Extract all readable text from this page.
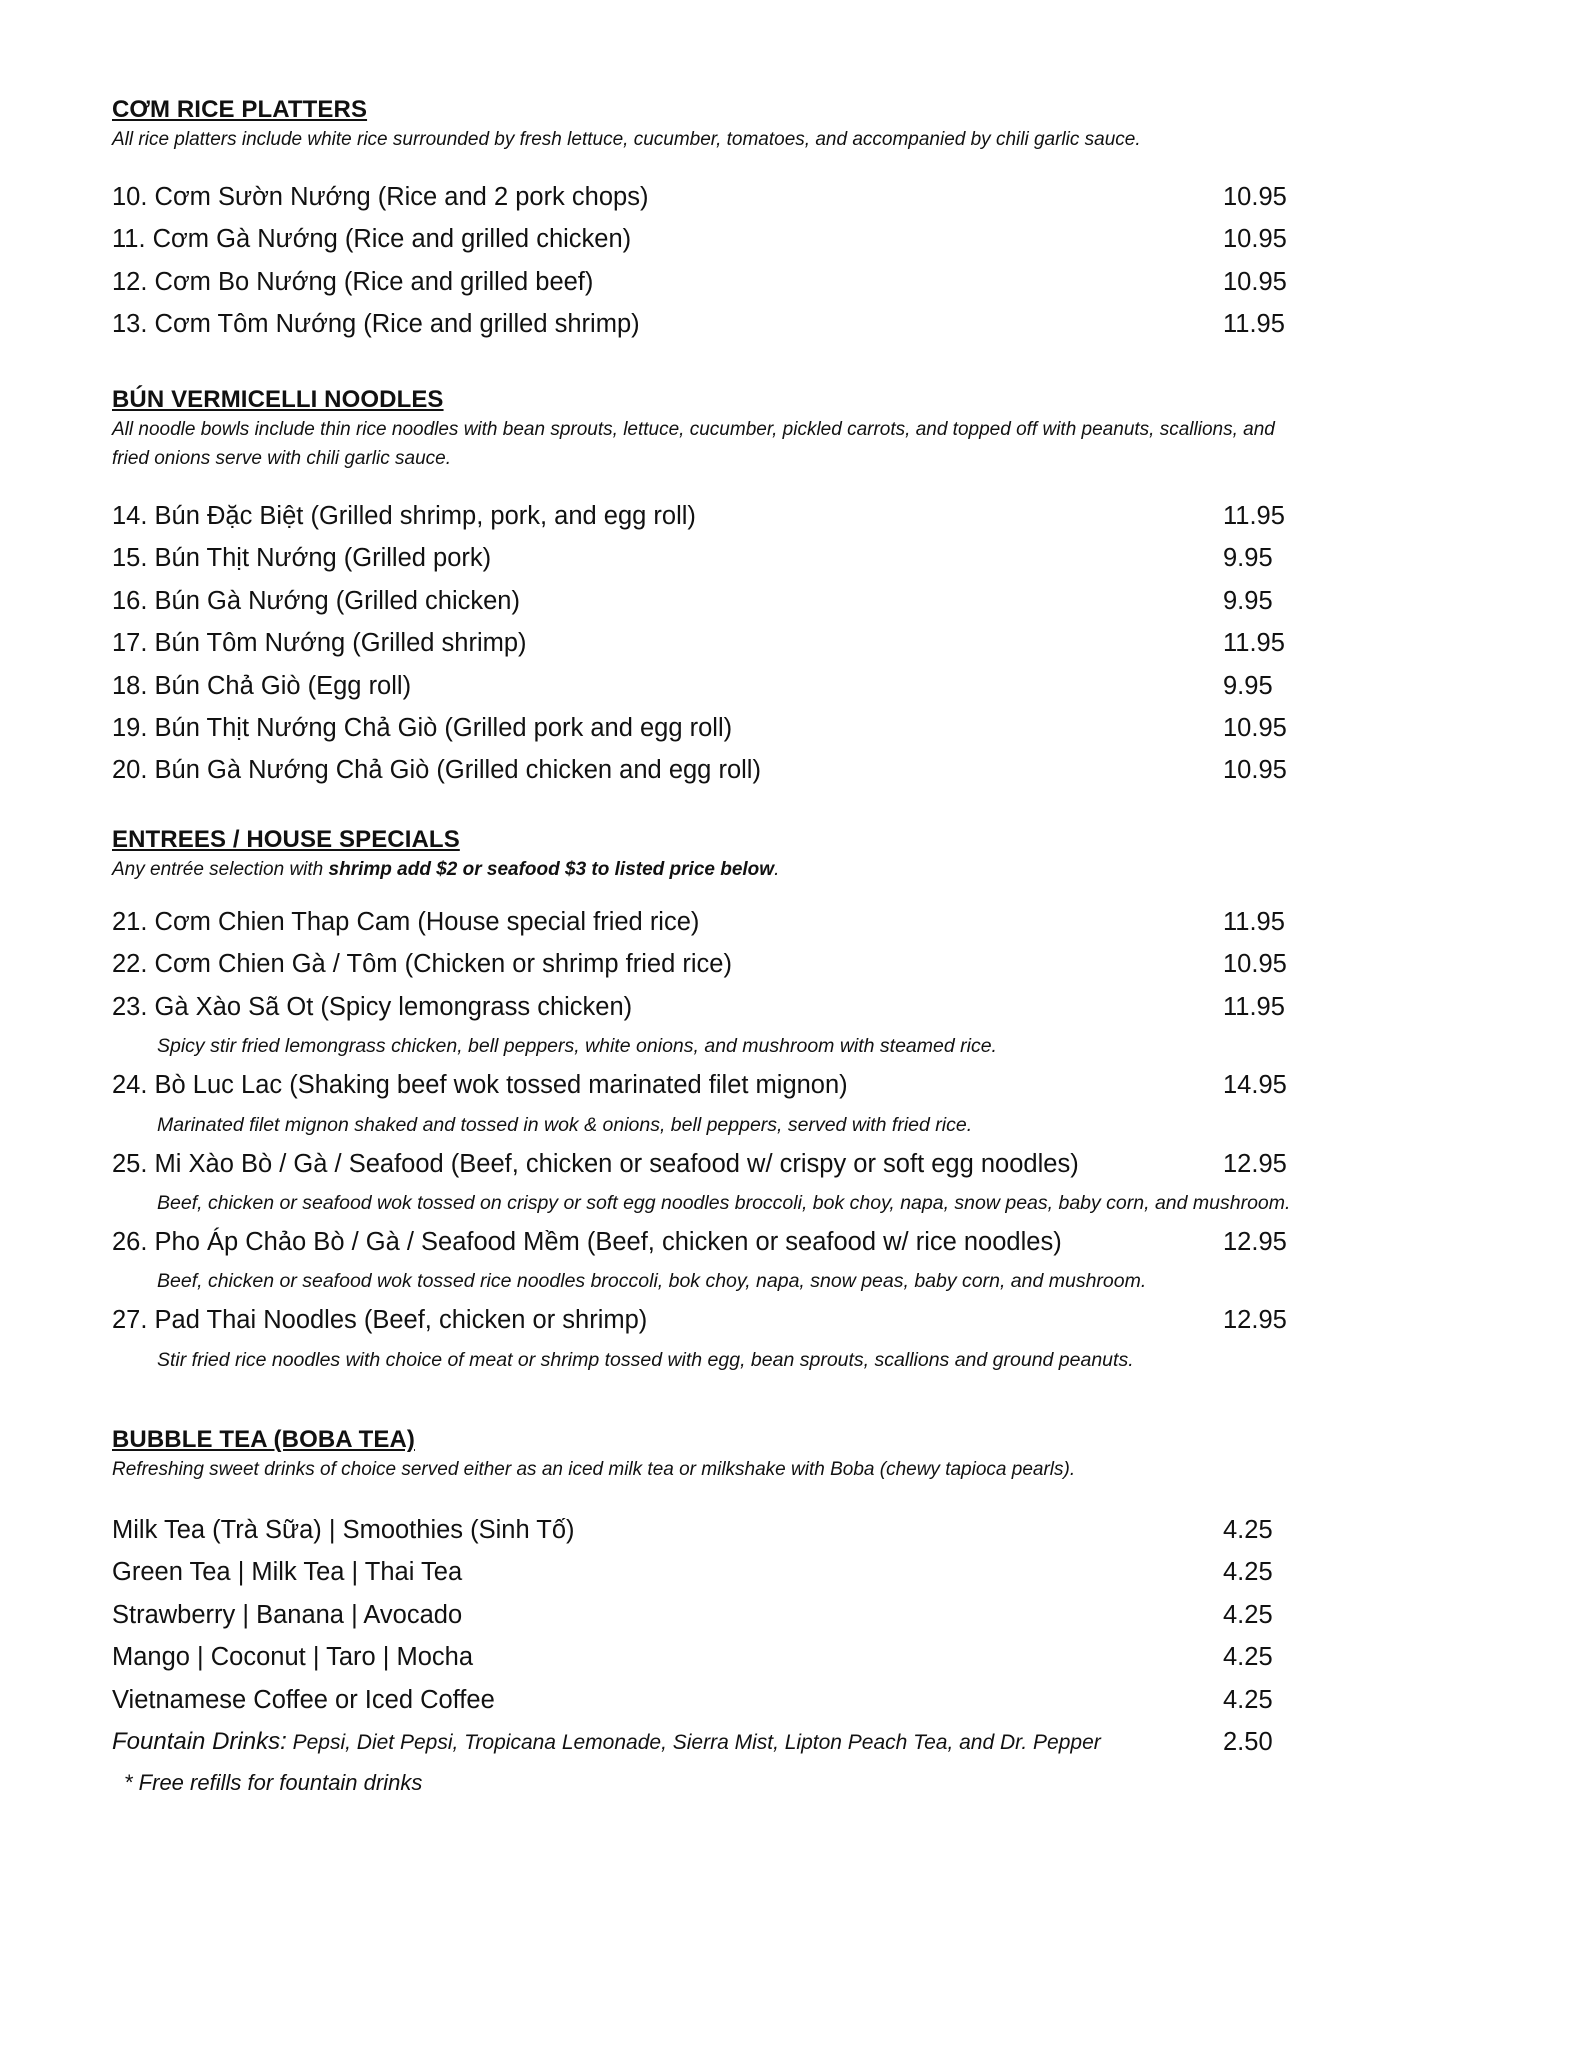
CƠM RICE PLATTERS
All rice platters include white rice surrounded by fresh lettuce, cucumber, tomatoes, and accompanied by chili garlic sauce.
10. Cơm Sườn Nướng (Rice and 2 pork chops)	10.95
11. Cơm Gà Nướng (Rice and grilled chicken)	10.95
12. Cơm Bo Nướng (Rice and grilled beef)	10.95
13. Cơm Tôm Nướng (Rice and grilled shrimp)	11.95
BÚN VERMICELLI NOODLES
All noodle bowls include thin rice noodles with bean sprouts, lettuce, cucumber, pickled carrots, and topped off with peanuts, scallions, and fried onions serve with chili garlic sauce.
14. Bún Đặc Biệt (Grilled shrimp, pork, and egg roll)	11.95
15. Bún Thịt Nướng (Grilled pork)	9.95
16. Bún Gà Nướng (Grilled chicken)	9.95
17. Bún Tôm Nướng (Grilled shrimp)	11.95
18. Bún Chả Giò (Egg roll)	9.95
19. Bún Thịt Nướng Chả Giò (Grilled pork and egg roll)	10.95
20. Bún Gà Nướng Chả Giò (Grilled chicken and egg roll)	10.95
ENTREES / HOUSE SPECIALS
Any entrée selection with shrimp add $2 or seafood $3 to listed price below.
21. Cơm Chien Thap Cam (House special fried rice)	11.95
22. Cơm Chien Gà / Tôm (Chicken or shrimp fried rice)	10.95
23. Gà Xào Sã Ot (Spicy lemongrass chicken)	11.95
Spicy stir fried lemongrass chicken, bell peppers, white onions, and mushroom with steamed rice.
24. Bò Luc Lac (Shaking beef wok tossed marinated filet mignon)	14.95
Marinated filet mignon shaked and tossed in wok & onions, bell peppers, served with fried rice.
25. Mi Xào Bò / Gà / Seafood (Beef, chicken or seafood w/ crispy or soft egg noodles)	12.95
Beef, chicken or seafood wok tossed on crispy or soft egg noodles broccoli, bok choy, napa, snow peas, baby corn, and mushroom.
26. Pho Áp Chảo Bò / Gà / Seafood Mềm (Beef, chicken or seafood w/ rice noodles)	12.95
Beef, chicken or seafood wok tossed rice noodles broccoli, bok choy, napa, snow peas, baby corn, and mushroom.
27. Pad Thai Noodles (Beef, chicken or shrimp)	12.95
Stir fried rice noodles with choice of meat or shrimp tossed with egg, bean sprouts, scallions and ground peanuts.
BUBBLE TEA (BOBA TEA)
Refreshing sweet drinks of choice served either as an iced milk tea or milkshake with Boba (chewy tapioca pearls).
Milk Tea (Trà Sữa) | Smoothies (Sinh Tố)	4.25
Green Tea | Milk Tea | Thai Tea	4.25
Strawberry | Banana | Avocado	4.25
Mango | Coconut | Taro | Mocha	4.25
Vietnamese Coffee or Iced Coffee	4.25
Fountain Drinks: Pepsi, Diet Pepsi, Tropicana Lemonade, Sierra Mist, Lipton Peach Tea, and Dr. Pepper	2.50
* Free refills for fountain drinks
